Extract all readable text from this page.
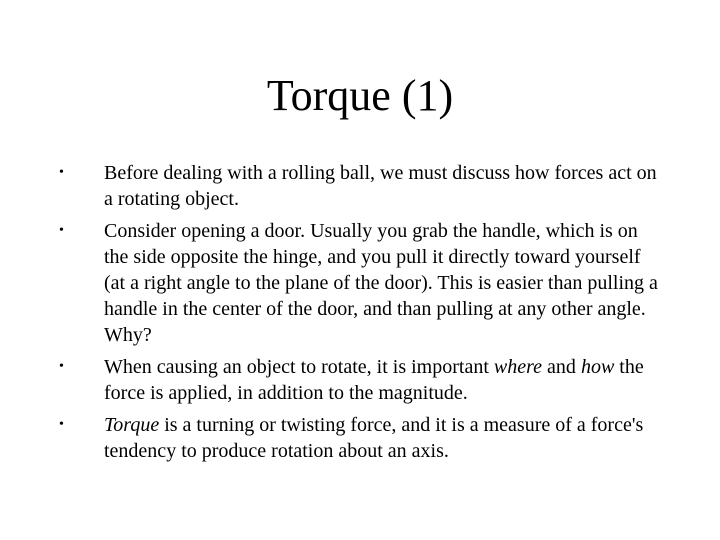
Torque (1)
•	Before dealing with a rolling ball, we must discuss how forces act on a rotating object.
•	Consider opening a door. Usually you grab the handle, which is on the side opposite the hinge, and you pull it directly toward yourself (at a right angle to the plane of the door). This is easier than pulling a handle in the center of the door, and than pulling at any other angle. Why?
•	When causing an object to rotate, it is important where and how the force is applied, in addition to the magnitude.
•	Torque is a turning or twisting force, and it is a measure of a force's tendency to produce rotation about an axis.
